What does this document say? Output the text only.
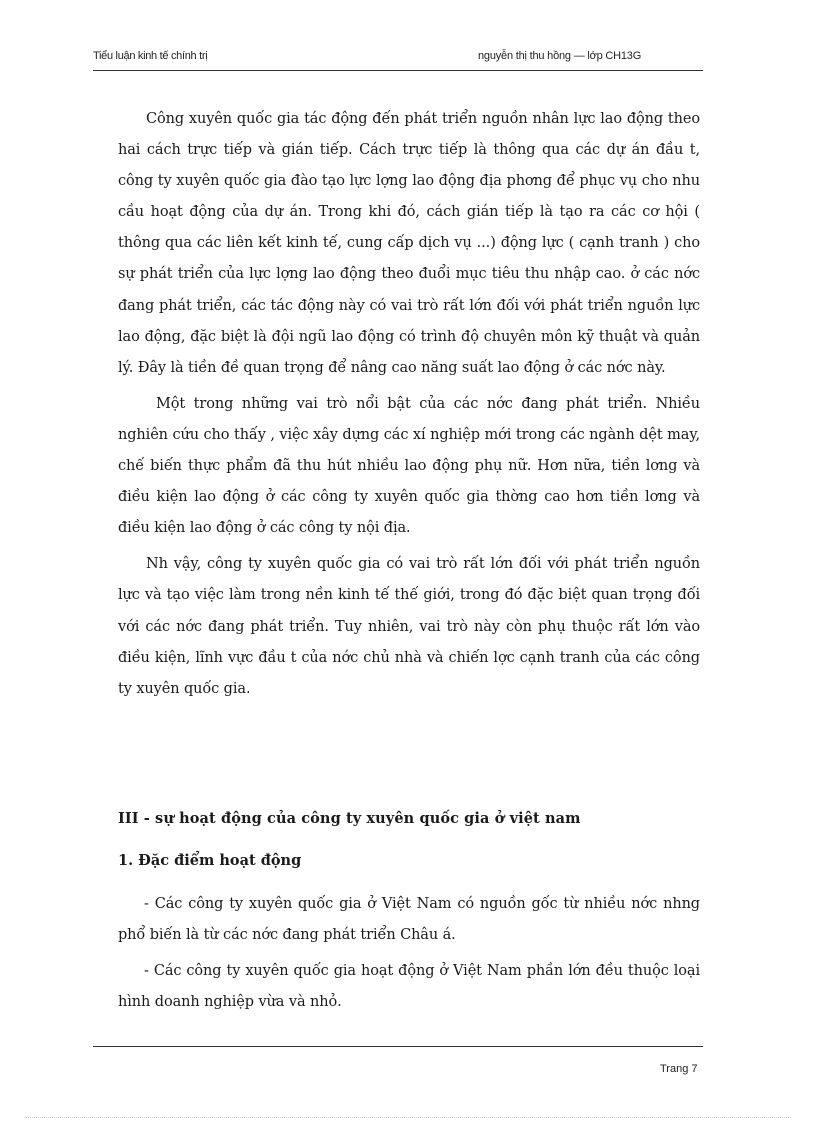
Tiểu luận kinh tế chính trị	nguyễn thị thu hồng — lớp CH13G

Công xuyên quốc gia tác động đến phát triển nguồn nhân lực lao động theo hai cách trực tiếp và gián tiếp. Cách trực tiếp là thông qua các dự án đầu t, công ty xuyên quốc gia đào tạo lực lợng lao động địa phơng để phục vụ cho nhu cầu hoạt động của dự án. Trong khi đó, cách gián tiếp là tạo ra các cơ hội ( thông qua các liên kết kinh tế, cung cấp dịch vụ ...) động lực ( cạnh tranh ) cho sự phát triển của lực lợng lao động theo đuổi mục tiêu thu nhập cao. ở các nớc đang phát triển, các tác động này có vai trò rất lớn đối với phát triển nguồn lực lao động, đặc biệt là đội ngũ lao động có trình độ chuyên môn kỹ thuật và quản lý. Đây là tiền đề quan trọng để nâng cao năng suất lao động ở các nớc này.

Một trong những vai trò nổi bật của các nớc đang phát triển. Nhiều nghiên cứu cho thấy , việc xây dựng các xí nghiệp mới trong các ngành dệt may, chế biến thực phẩm đã thu hút nhiều lao động phụ nữ. Hơn nữa, tiền lơng và điều kiện lao động ở các công ty xuyên quốc gia thờng cao hơn tiền lơng và điều kiện lao động ở các công ty nội địa.

Nh vậy, công ty xuyên quốc gia có vai trò rất lớn đối với phát triển nguồn lực và tạo việc làm trong nền kinh tế thế giới, trong đó đặc biệt quan trọng đối với các nớc đang phát triển. Tuy nhiên, vai trò này còn phụ thuộc rất lớn vào điều kiện, lĩnh vực đầu t của nớc chủ nhà và chiến lợc cạnh tranh của các công ty xuyên quốc gia.

III - sự hoạt động của công ty xuyên quốc gia ở việt nam
1. Đặc điểm hoạt động

- Các công ty xuyên quốc gia ở Việt Nam có nguồn gốc từ nhiều nớc nhng phổ biến là từ các nớc đang phát triển Châu á.

- Các công ty xuyên quốc gia hoạt động ở Việt Nam phần lớn đều thuộc loại hình doanh nghiệp vừa và nhỏ.

Trang 7
